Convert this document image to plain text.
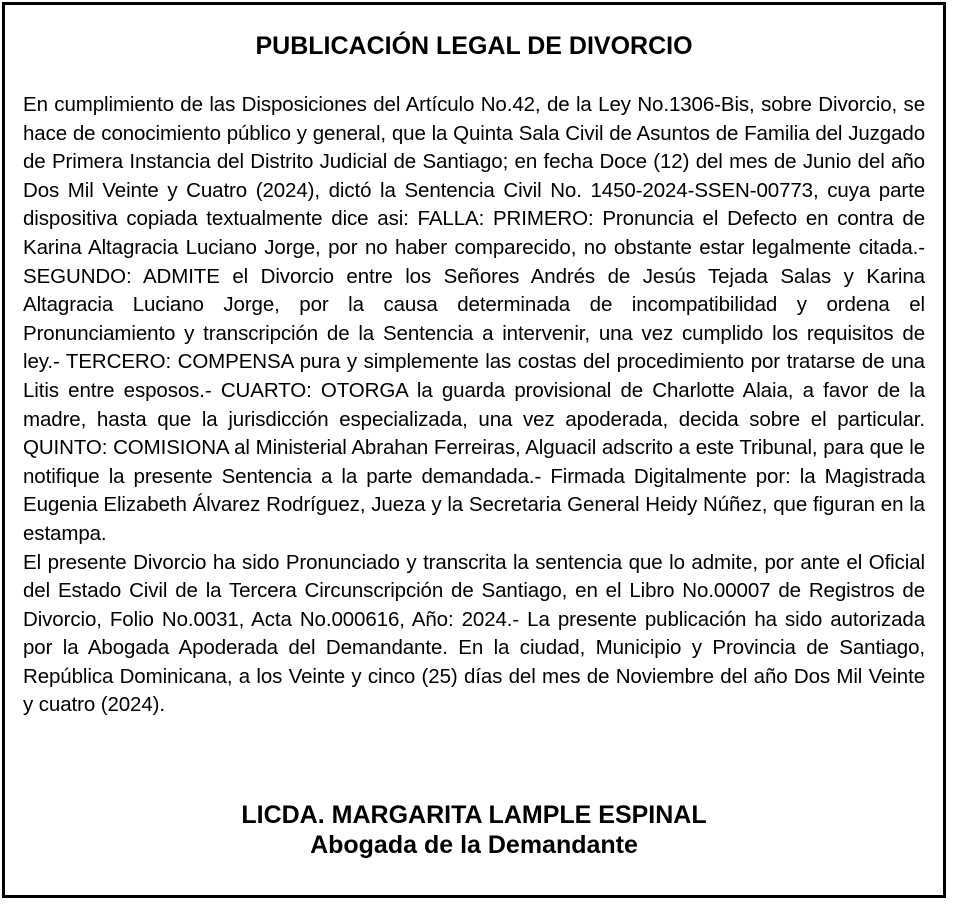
PUBLICACIÓN LEGAL DE DIVORCIO

En cumplimiento de las Disposiciones del Artículo No.42, de la Ley No.1306-Bis, sobre Divorcio, se hace de conocimiento público y general, que la Quinta Sala Civil de Asuntos de Familia del Juzgado de Primera Instancia del Distrito Judicial de Santiago; en fecha Doce (12) del mes de Junio del año Dos Mil Veinte y Cuatro (2024), dictó la Sentencia Civil No. 1450-2024-SSEN-00773, cuya parte dispositiva copiada textualmente dice asi: FALLA: PRIMERO: Pronuncia el Defecto en contra de Karina Altagracia Luciano Jorge, por no haber comparecido, no obstante estar legalmente citada.- SEGUNDO: ADMITE el Divorcio entre los Señores Andrés de Jesús Tejada Salas y Karina Altagracia Luciano Jorge, por la causa determinada de incompatibilidad y ordena el Pronunciamiento y transcripción de la Sentencia a intervenir, una vez cumplido los requisitos de ley.- TERCERO: COMPENSA pura y simplemente las costas del procedimiento por tratarse de una Litis entre esposos.- CUARTO: OTORGA la guarda provisional de Charlotte Alaia, a favor de la madre, hasta que la jurisdicción especializada, una vez apoderada, decida sobre el particular. QUINTO: COMISIONA al Ministerial Abrahan Ferreiras, Alguacil adscrito a este Tribunal, para que le notifique la presente Sentencia a la parte demandada.- Firmada Digitalmente por: la Magistrada Eugenia Elizabeth Álvarez Rodríguez, Jueza y la Secretaria General Heidy Núñez, que figuran en la estampa.

El presente Divorcio ha sido Pronunciado y transcrita la sentencia que lo admite, por ante el Oficial del Estado Civil de la Tercera Circunscripción de Santiago, en el Libro No.00007 de Registros de Divorcio, Folio No.0031, Acta No.000616, Año: 2024.- La presente publicación ha sido autorizada por la Abogada Apoderada del Demandante. En la ciudad, Municipio y Provincia de Santiago, República Dominicana, a los Veinte y cinco (25) días del mes de Noviembre del año Dos Mil Veinte y cuatro (2024).

LICDA. MARGARITA LAMPLE ESPINAL
Abogada de la Demandante
